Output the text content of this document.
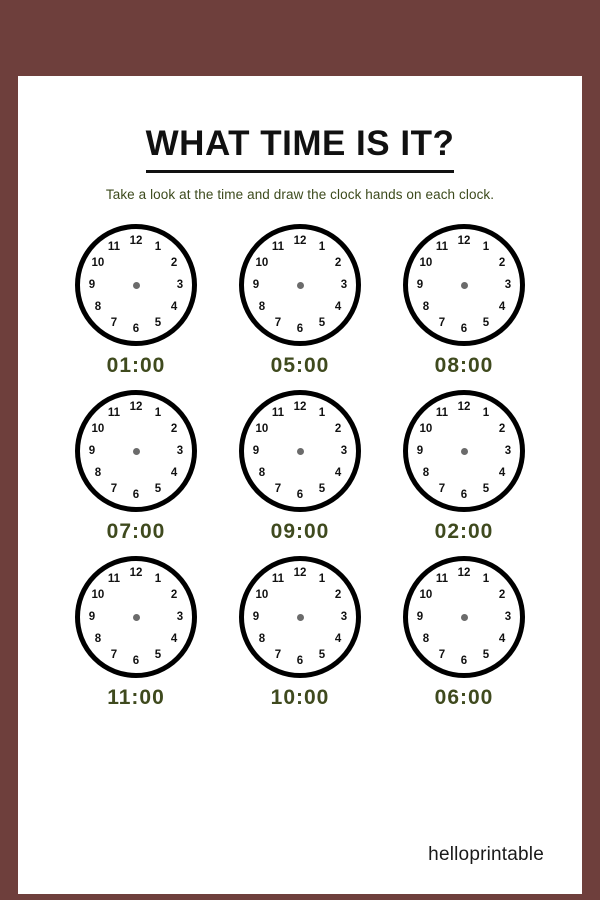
WHAT TIME IS IT?
Take a look at the time and draw the clock hands on each clock.
12	1
2
3
4
5
6
7
8
9
10
11
01:00
12	1
2
3
4
5
6
7
8
9
10
11
05:00
12	1
2
3
4
5
6
7
8
9
10
11
08:00
12	1
2
3
4
5
6
7
8
9
10
11
07:00
12	1
2
3
4
5
6
7
8
9
10
11
09:00
12	1
2
3
4
5
6
7
8
9
10
11
02:00
12	1
2
3
4
5
6
7
8
9
10
11
11:00
12	1
2
3
4
5
6
7
8
9
10
11
10:00
12	1
2
3
4
5
6
7
8
9
10
11
06:00
helloprintable
